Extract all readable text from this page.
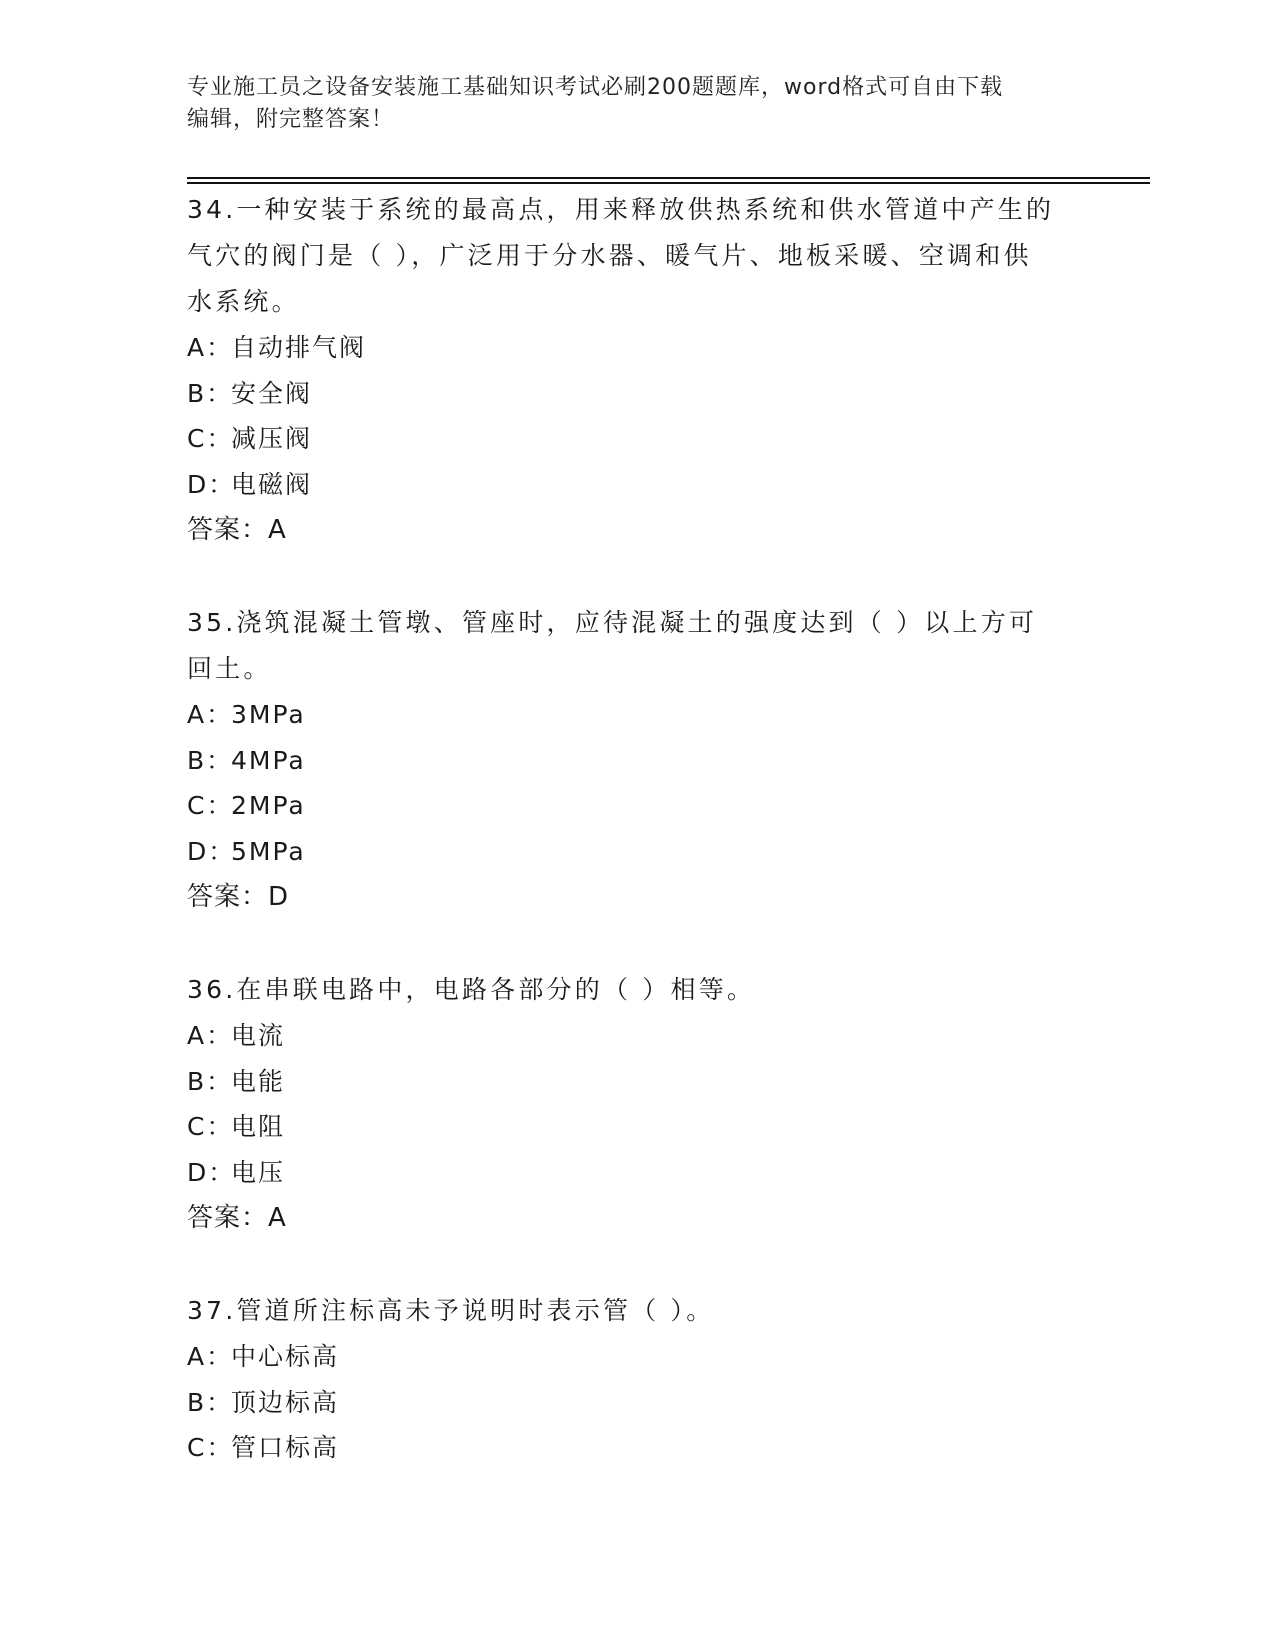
专业施工员之设备安装施工基础知识考试必刷200题题库，word格式可自由下载
编辑，附完整答案！
34.一种安装于系统的最高点，用来释放供热系统和供水管道中产生的
气穴的阀门是（ ），广泛用于分水器、暖气片、地板采暖、空调和供
水系统。
A：自动排气阀
B：安全阀
C：减压阀
D：电磁阀
答案：A
35.浇筑混凝土管墩、管座时，应待混凝土的强度达到（ ）以上方可
回土。
A：3MPa
B：4MPa
C：2MPa
D：5MPa
答案：D
36.在串联电路中，电路各部分的（ ）相等。
A：电流
B：电能
C：电阻
D：电压
答案：A
37.管道所注标高未予说明时表示管（ ）。
A：中心标高
B：顶边标高
C：管口标高
